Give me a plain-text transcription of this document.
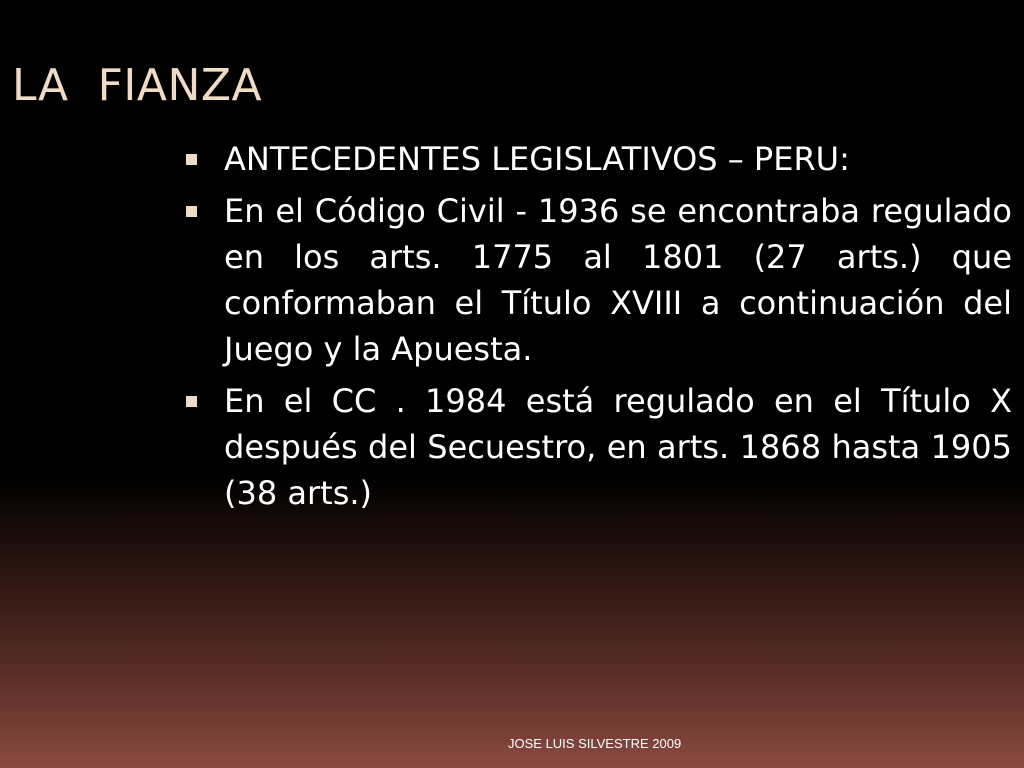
LA  FIANZA
ANTECEDENTES LEGISLATIVOS – PERU:
En el Código Civil - 1936 se encontraba regulado en los arts. 1775 al 1801 (27 arts.) que conformaban el Título XVIII a continuación del Juego y la Apuesta.
En el CC . 1984 está regulado en el Título X después del Secuestro, en arts. 1868 hasta 1905 (38 arts.)
JOSE LUIS SILVESTRE 2009
